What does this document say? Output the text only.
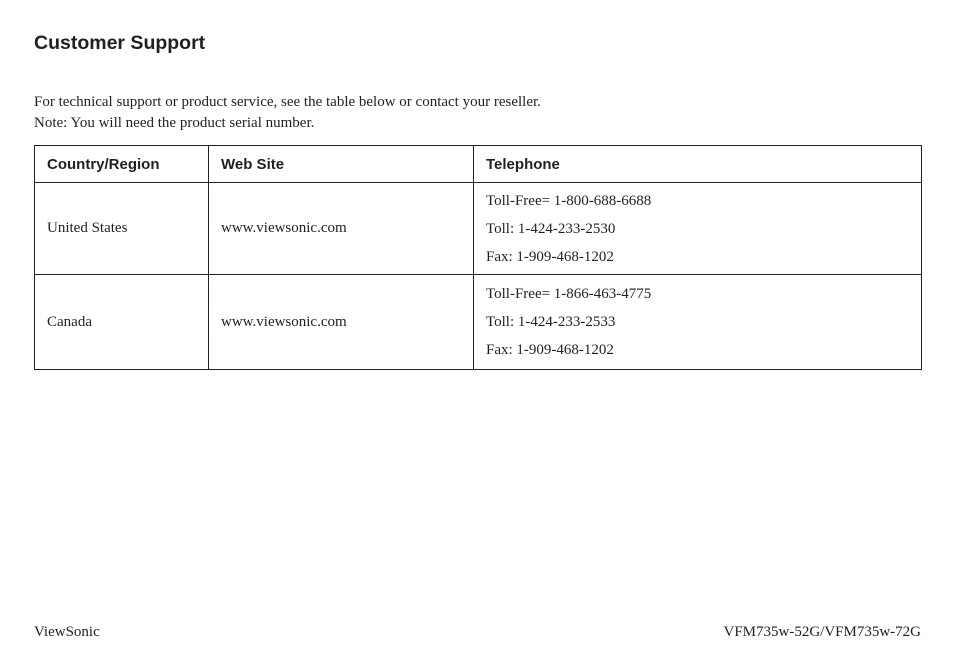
Customer Support

For technical support or product service, see the table below or contact your reseller.

Note: You will need the product serial number.

Country/Region	Web Site	Telephone
United States	www.viewsonic.com	Toll-Free= 1-800-688-6688
Toll: 1-424-233-2530
Fax: 1-909-468-1202

Canada	www.viewsonic.com	Toll-Free= 1-866-463-4775
Toll: 1-424-233-2533
Fax: 1-909-468-1202
ViewSonic	VFM735w-52G/VFM735w-72G
